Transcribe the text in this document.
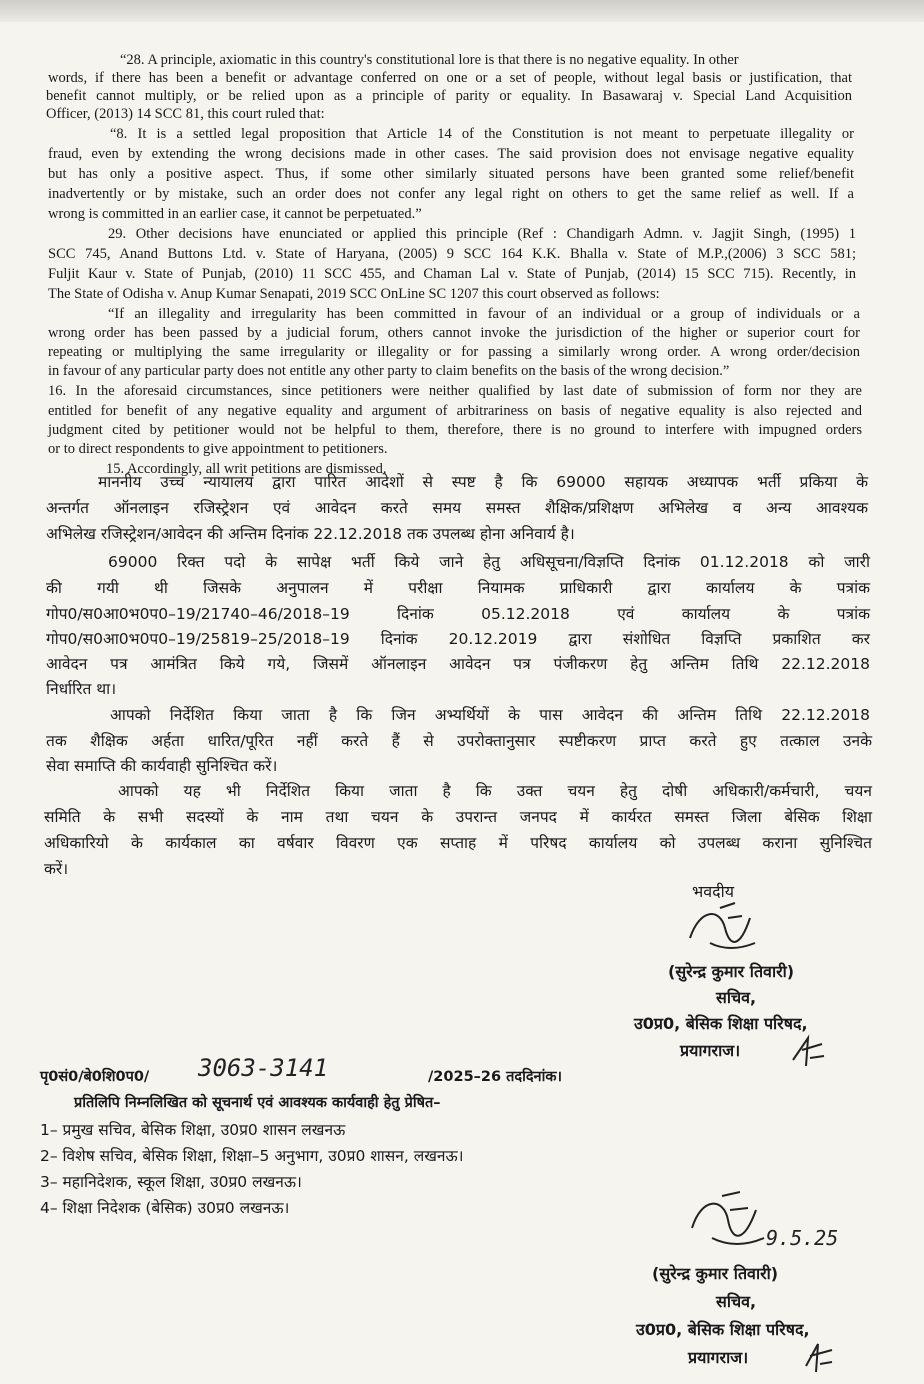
“28. A principle, axiomatic in this country's constitutional lore is that there is no negative equality. In other
words, if there has been a benefit or advantage conferred on one or a set of people, without legal basis or justification, that
benefit cannot multiply, or be relied upon as a principle of parity or equality. In Basawaraj v. Special Land Acquisition
Officer, (2013) 14 SCC 81, this court ruled that:
“8. It is a settled legal proposition that Article 14 of the Constitution is not meant to perpetuate illegality or
fraud, even by extending the wrong decisions made in other cases. The said provision does not envisage negative equality
but has only a positive aspect. Thus, if some other similarly situated persons have been granted some relief/benefit
inadvertently or by mistake, such an order does not confer any legal right on others to get the same relief as well. If a
wrong is committed in an earlier case, it cannot be perpetuated.”
29. Other decisions have enunciated or applied this principle (Ref : Chandigarh Admn. v. Jagjit Singh, (1995) 1
SCC 745, Anand Buttons Ltd. v. State of Haryana, (2005) 9 SCC 164 K.K. Bhalla v. State of M.P.,(2006) 3 SCC 581;
Fuljit Kaur v. State of Punjab, (2010) 11 SCC 455, and Chaman Lal v. State of Punjab, (2014) 15 SCC 715). Recently, in
The State of Odisha v. Anup Kumar Senapati, 2019 SCC OnLine SC 1207 this court observed as follows:
“If an illegality and irregularity has been committed in favour of an individual or a group of individuals or a
wrong order has been passed by a judicial forum, others cannot invoke the jurisdiction of the higher or superior court for
repeating or multiplying the same irregularity or illegality or for passing a similarly wrong order. A wrong order/decision
in favour of any particular party does not entitle any other party to claim benefits on the basis of the wrong decision.”
16. In the aforesaid circumstances, since petitioners were neither qualified by last date of submission of form nor they are
entitled for benefit of any negative equality and argument of arbitrariness on basis of negative equality is also rejected and
judgment cited by petitioner would not be helpful to them, therefore, there is no ground to interfere with impugned orders
or to direct respondents to give appointment to petitioners.
15. Accordingly, all writ petitions are dismissed.
माननीय उच्च न्यायालय द्वारा पारित आदेशों से स्पष्ट है कि 69000 सहायक अध्यापक भर्ती प्रकिया के
अन्तर्गत ऑनलाइन रजिस्ट्रेशन एवं आवेदन करते समय समस्त शैक्षिक/प्रशिक्षण अभिलेख व अन्य आवश्यक
अभिलेख रजिस्ट्रेशन/आवेदन की अन्तिम दिनांक 22.12.2018 तक उपलब्ध होना अनिवार्य है।
69000 रिक्त पदो के सापेक्ष भर्ती किये जाने हेतु अधिसूचना/विज्ञप्ति दिनांक 01.12.2018 को जारी
की गयी थी जिसके अनुपालन में परीक्षा नियामक प्राधिकारी द्वारा कार्यालय के पत्रांक
गोप0/स0आ0भ0प0–19/21740–46/2018–19 दिनांक 05.12.2018 एवं कार्यालय के पत्रांक
गोप0/स0आ0भ0प0–19/25819–25/2018–19 दिनांक 20.12.2019 द्वारा संशोधित विज्ञप्ति प्रकाशित कर
आवेदन पत्र आमंत्रित किये गये, जिसमें ऑनलाइन आवेदन पत्र पंजीकरण हेतु अन्तिम तिथि 22.12.2018
निर्धारित था।
आपको निर्देशित किया जाता है कि जिन अभ्यर्थियों के पास आवेदन की अन्तिम तिथि 22.12.2018
तक शैक्षिक अर्हता धारित/पूरित नहीं करते हैं से उपरोक्तानुसार स्पष्टीकरण प्राप्त करते हुए तत्काल उनके
सेवा समाप्ति की कार्यवाही सुनिश्चित करें।
आपको यह भी निर्देशित किया जाता है कि उक्त चयन हेतु दोषी अधिकारी/कर्मचारी, चयन
समिति के सभी सदस्यों के नाम तथा चयन के उपरान्त जनपद में कार्यरत समस्त जिला बेसिक शिक्षा
अधिकारियो के कार्यकाल का वर्षवार विवरण एक सप्ताह में परिषद कार्यालय को उपलब्ध कराना सुनिश्चित
करें।
भवदीय
(सुरेन्द्र कुमार तिवारी)
सचिव,
उ0प्र0, बेसिक शिक्षा परिषद,
प्रयागराज।
पृ0सं0/बे0शि0प0/ 3063-3141	/2025–26 तददिनांक।
प्रतिलिपि निम्नलिखित को सूचनार्थ एवं आवश्यक कार्यवाही हेतु प्रेषित–
1– प्रमुख सचिव, बेसिक शिक्षा, उ0प्र0 शासन लखनऊ
2– विशेष सचिव, बेसिक शिक्षा, शिक्षा–5 अनुभाग, उ0प्र0 शासन, लखनऊ।
3– महानिदेशक, स्कूल शिक्षा, उ0प्र0 लखनऊ।
4– शिक्षा निदेशक (बेसिक) उ0प्र0 लखनऊ।
9.5.25
(सुरेन्द्र कुमार तिवारी)
सचिव,
उ0प्र0, बेसिक शिक्षा परिषद,
प्रयागराज।
